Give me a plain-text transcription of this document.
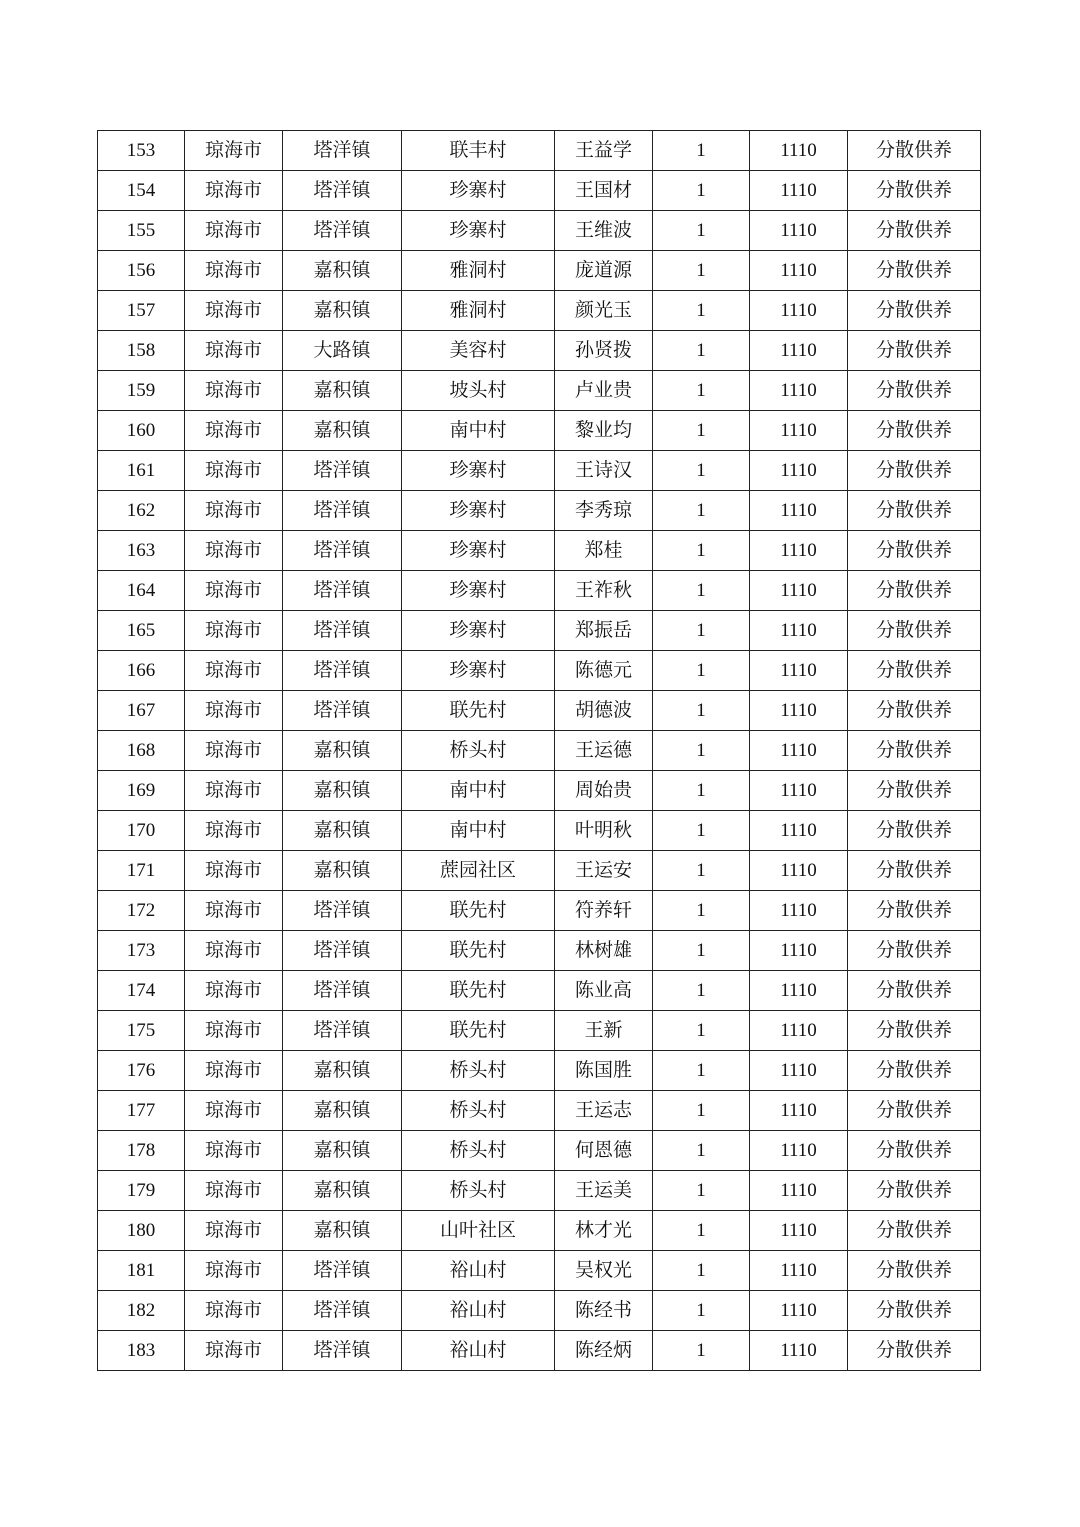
153	琼海市	塔洋镇	联丰村	王益学	1	1110	分散供养
154	琼海市	塔洋镇	珍寨村	王国材	1	1110	分散供养
155	琼海市	塔洋镇	珍寨村	王维波	1	1110	分散供养
156	琼海市	嘉积镇	雅洞村	庞道源	1	1110	分散供养
157	琼海市	嘉积镇	雅洞村	颜光玉	1	1110	分散供养
158	琼海市	大路镇	美容村	孙贤拨	1	1110	分散供养
159	琼海市	嘉积镇	坡头村	卢业贵	1	1110	分散供养
160	琼海市	嘉积镇	南中村	黎业均	1	1110	分散供养
161	琼海市	塔洋镇	珍寨村	王诗汉	1	1110	分散供养
162	琼海市	塔洋镇	珍寨村	李秀琼	1	1110	分散供养
163	琼海市	塔洋镇	珍寨村	郑桂	1	1110	分散供养
164	琼海市	塔洋镇	珍寨村	王祚秋	1	1110	分散供养
165	琼海市	塔洋镇	珍寨村	郑振岳	1	1110	分散供养
166	琼海市	塔洋镇	珍寨村	陈德元	1	1110	分散供养
167	琼海市	塔洋镇	联先村	胡德波	1	1110	分散供养
168	琼海市	嘉积镇	桥头村	王运德	1	1110	分散供养
169	琼海市	嘉积镇	南中村	周始贵	1	1110	分散供养
170	琼海市	嘉积镇	南中村	叶明秋	1	1110	分散供养
171	琼海市	嘉积镇	蔗园社区	王运安	1	1110	分散供养
172	琼海市	塔洋镇	联先村	符养轩	1	1110	分散供养
173	琼海市	塔洋镇	联先村	林树雄	1	1110	分散供养
174	琼海市	塔洋镇	联先村	陈业高	1	1110	分散供养
175	琼海市	塔洋镇	联先村	王新	1	1110	分散供养
176	琼海市	嘉积镇	桥头村	陈国胜	1	1110	分散供养
177	琼海市	嘉积镇	桥头村	王运志	1	1110	分散供养
178	琼海市	嘉积镇	桥头村	何恩德	1	1110	分散供养
179	琼海市	嘉积镇	桥头村	王运美	1	1110	分散供养
180	琼海市	嘉积镇	山叶社区	林才光	1	1110	分散供养
181	琼海市	塔洋镇	裕山村	吴权光	1	1110	分散供养
182	琼海市	塔洋镇	裕山村	陈经书	1	1110	分散供养
183	琼海市	塔洋镇	裕山村	陈经炳	1	1110	分散供养
